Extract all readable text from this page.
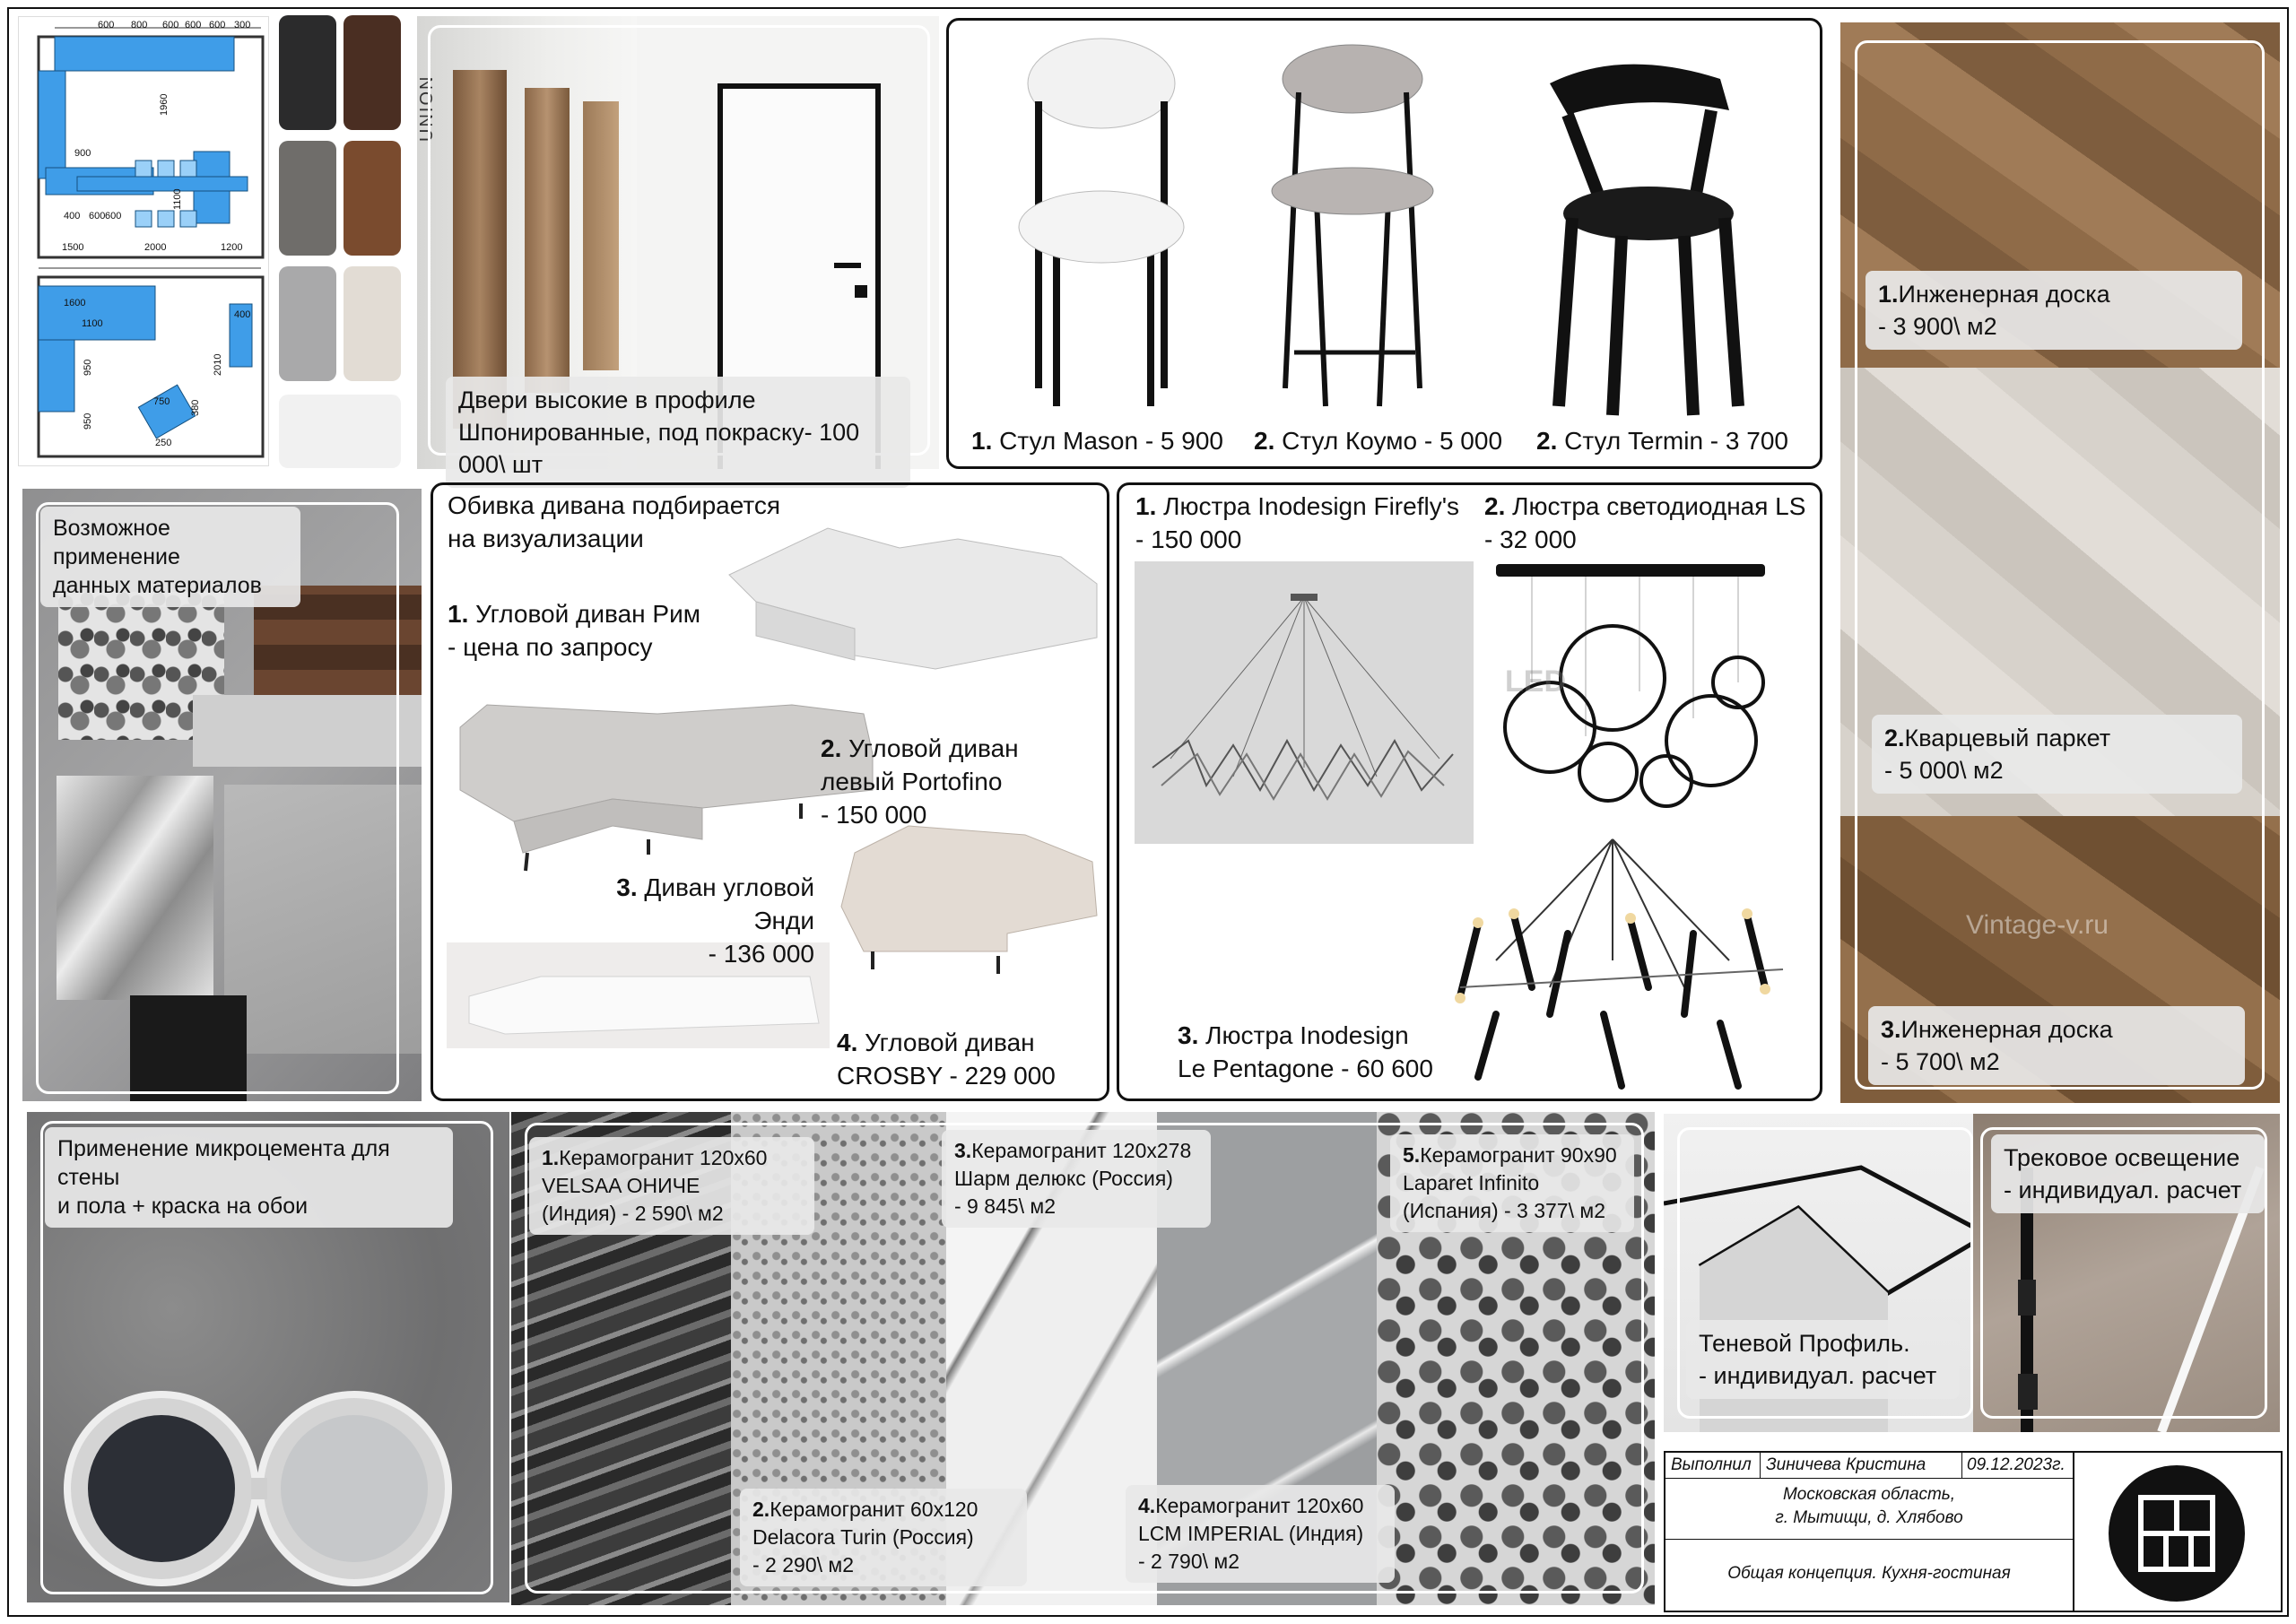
600 800 600 600 600 300
1960
900
1100
400 600 600
1500	2000	1200
1600
1100
400
950	2010
950
750 380
250
UNION
Двери высокие в профиле
Шпонированные, под покраску- 100 000\ шт
1. Стул Mason - 5 900 2. Стул Коумо - 5 000 2. Стул Termin - 3 700
Vintage-v.ru
1.Инженерная доска
- 3 900\ м2
2.Кварцевый паркет
- 5 000\ м2
3.Инженерная доска
- 5 700\ м2
Возможное применение
данных материалов
Обивка дивана подбирается
на визуализации
1. Угловой диван Рим
- цена по запросу
2. Угловой диван
левый Portofino
- 150 000
3. Диван угловой Энди
- 136 000
4. Угловой диван
CROSBY - 229 000
1. Люстра Inodesign Firefly's
- 150 000
2. Люстра светодиодная LS
- 32 000
LED
3. Люстра Inodesign
Le Pentagone - 60 600
Применение микроцемента для стены
и пола + краска на обои
1.Керамогранит 120х60
VELSAA ОНИЧЕ
(Индия) - 2 590\ м2
2.Керамогранит 60х120
Delacora Turin (Россия)
- 2 290\ м2
3.Керамогранит 120х278
Шарм делюкс (Россия)
- 9 845\ м2
4.Керамогранит 120х60
LCM IMPERIAL (Индия)
- 2 790\ м2
5.Керамогранит 90х90
Laparet Infinito
(Испания) - 3 377\ м2
Теневой Профиль.
- индивидуал. расчет
Трековое освещение
- индивидуал. расчет
Выполнил Зиничева Кристина 09.12.2023г.
Московская область,
г. Мытищи, д. Хлябово
Общая концепция. Кухня-гостиная
